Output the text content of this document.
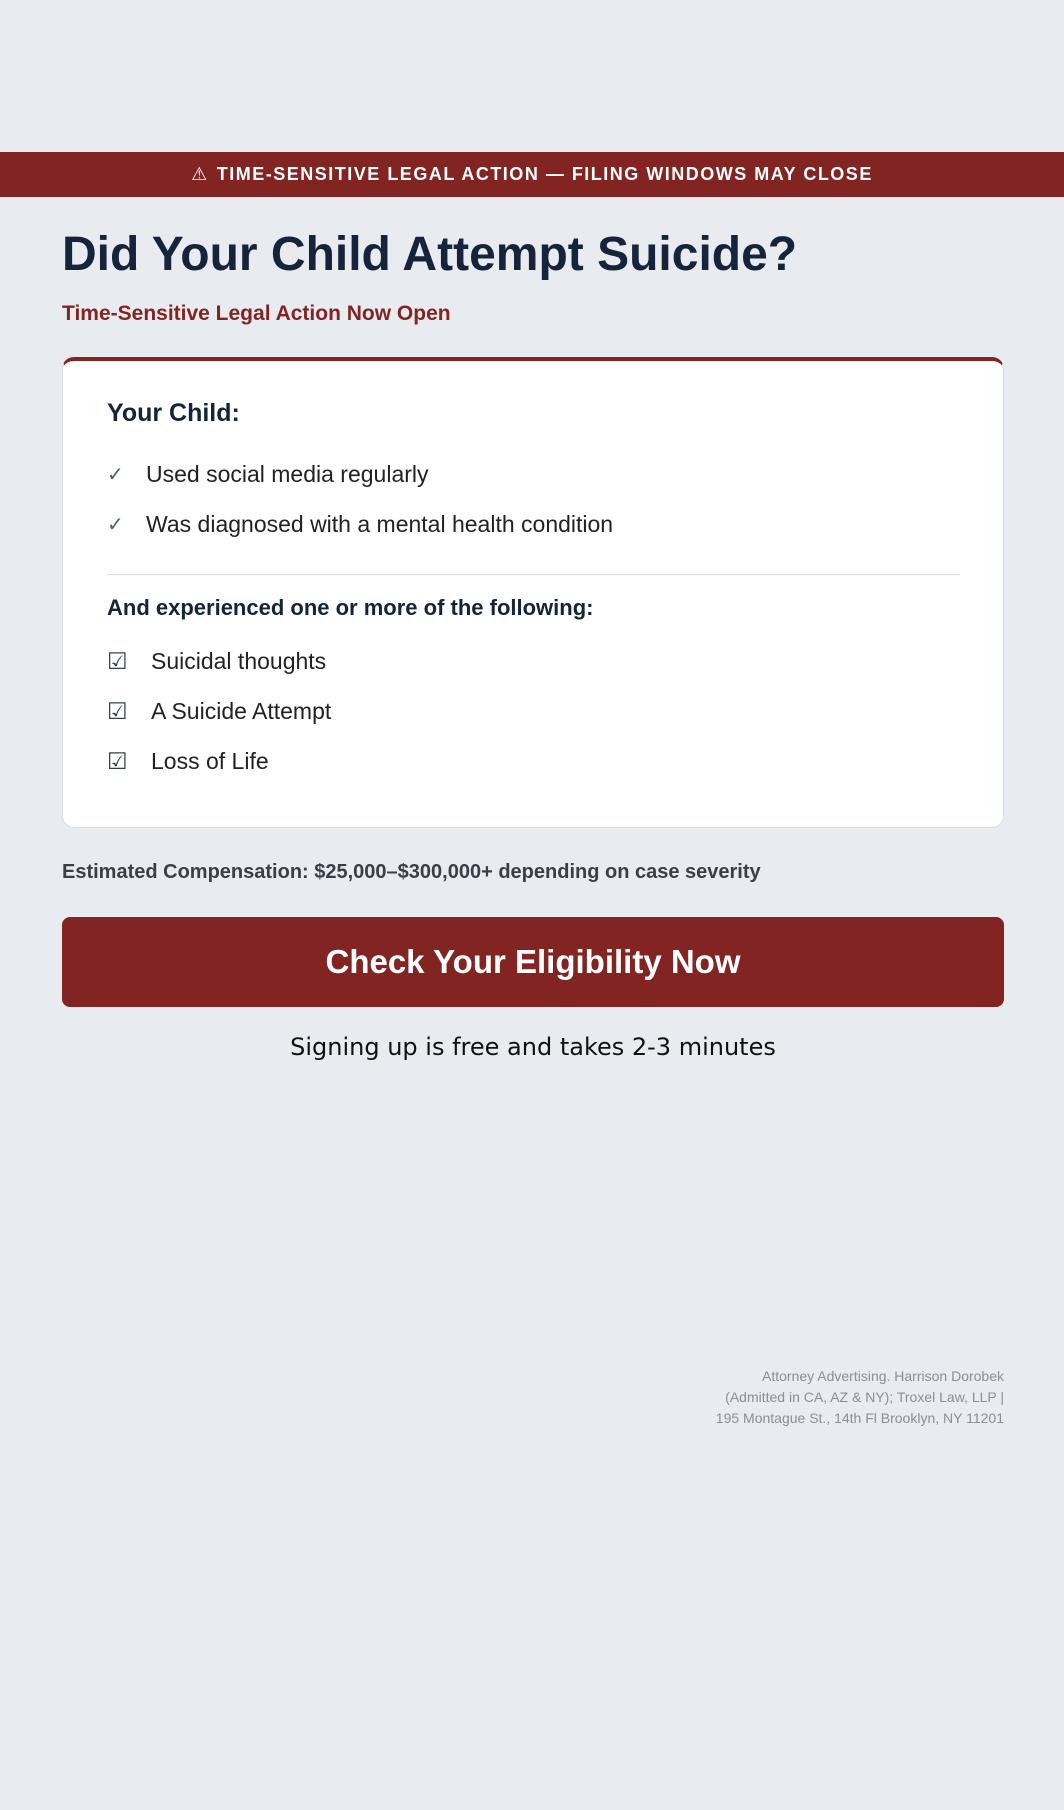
⚠ TIME-SENSITIVE LEGAL ACTION — FILING WINDOWS MAY CLOSE
Did Your Child Attempt Suicide?
Time-Sensitive Legal Action Now Open
Your Child:
✓ Used social media regularly
✓ Was diagnosed with a mental health condition
And experienced one or more of the following:
☑	Suicidal thoughts
☑	A Suicide Attempt
☑	Loss of Life
Estimated Compensation: $25,000–$300,000+ depending on case severity
Check Your Eligibility Now
Signing up is free and takes 2-3 minutes
Attorney Advertising. Harrison Dorobek
(Admitted in CA, AZ & NY); Troxel Law, LLP |
195 Montague St., 14th Fl Brooklyn, NY 11201
